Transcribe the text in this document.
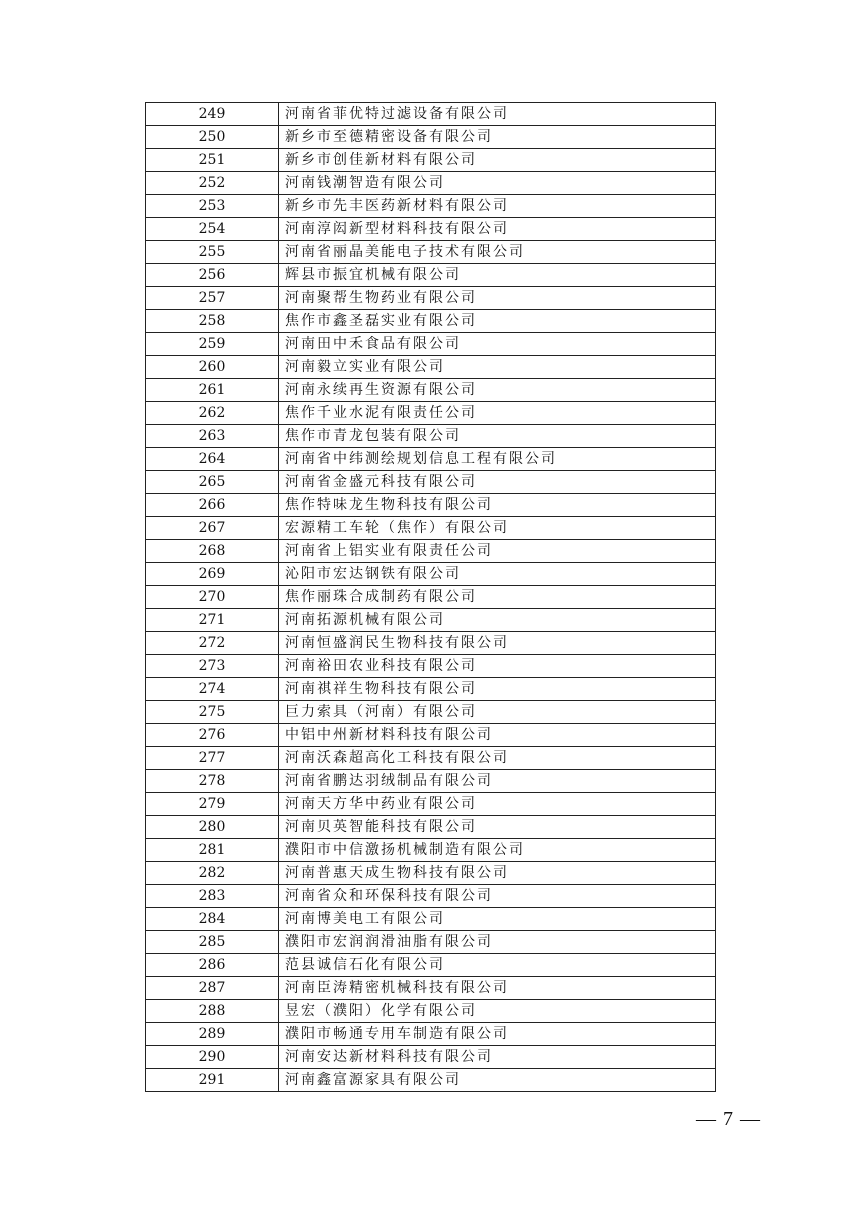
249	河南省菲优特过滤设备有限公司
250	新乡市至德精密设备有限公司
251	新乡市创佳新材料有限公司
252	河南钱潮智造有限公司
253	新乡市先丰医药新材料有限公司
254	河南淳闳新型材料科技有限公司
255	河南省丽晶美能电子技术有限公司
256	辉县市振宜机械有限公司
257	河南聚帮生物药业有限公司
258	焦作市鑫圣磊实业有限公司
259	河南田中禾食品有限公司
260	河南毅立实业有限公司
261	河南永续再生资源有限公司
262	焦作千业水泥有限责任公司
263	焦作市青龙包装有限公司
264	河南省中纬测绘规划信息工程有限公司
265	河南省金盛元科技有限公司
266	焦作特味龙生物科技有限公司
267	宏源精工车轮（焦作）有限公司
268	河南省上铝实业有限责任公司
269	沁阳市宏达钢铁有限公司
270	焦作丽珠合成制药有限公司
271	河南拓源机械有限公司
272	河南恒盛润民生物科技有限公司
273	河南裕田农业科技有限公司
274	河南祺祥生物科技有限公司
275	巨力索具（河南）有限公司
276	中铝中州新材料科技有限公司
277	河南沃森超高化工科技有限公司
278	河南省鹏达羽绒制品有限公司
279	河南天方华中药业有限公司
280	河南贝英智能科技有限公司
281	濮阳市中信激扬机械制造有限公司
282	河南普惠天成生物科技有限公司
283	河南省众和环保科技有限公司
284	河南博美电工有限公司
285	濮阳市宏润润滑油脂有限公司
286	范县诚信石化有限公司
287	河南臣涛精密机械科技有限公司
288	昱宏（濮阳）化学有限公司
289	濮阳市畅通专用车制造有限公司
290	河南安达新材料科技有限公司
291	河南鑫富源家具有限公司
— 7 —
